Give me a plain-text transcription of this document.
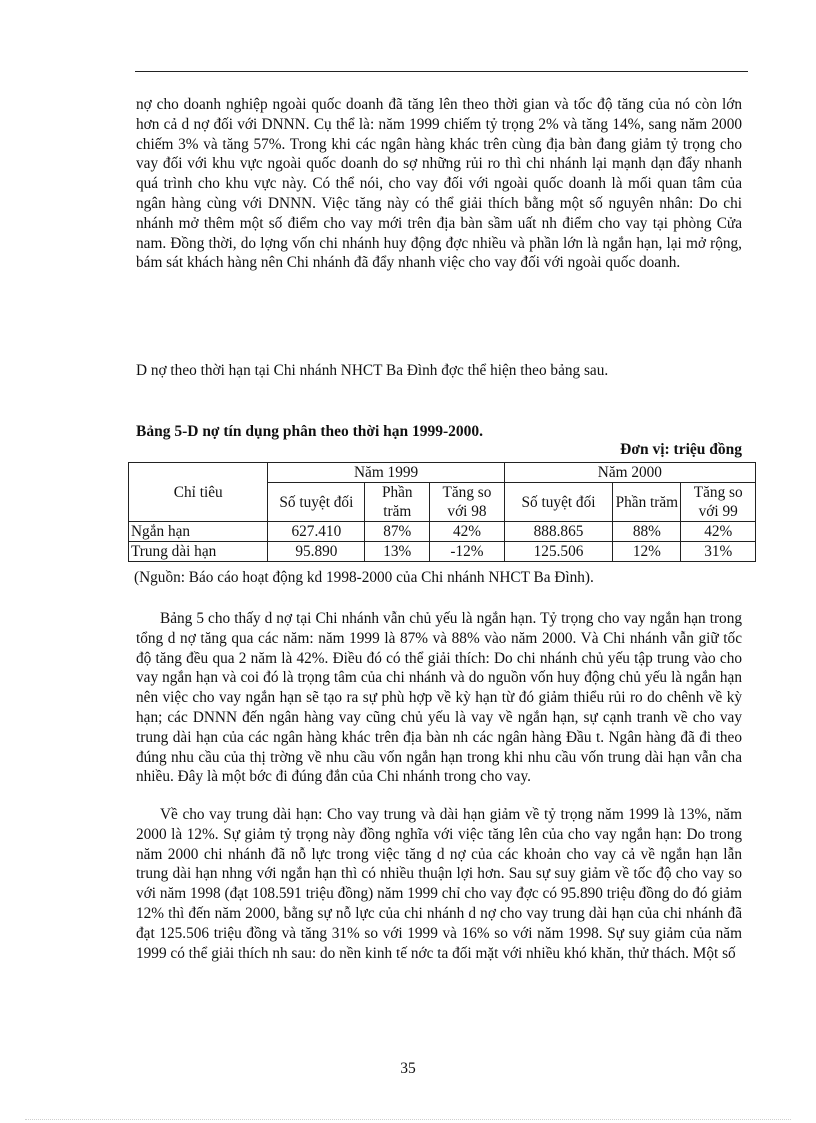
nợ cho doanh nghiệp ngoài quốc doanh đã tăng lên theo thời gian và tốc độ tăng của nó còn lớn hơn cả d nợ đối với DNNN. Cụ thể là: năm 1999 chiếm tỷ trọng 2% và tăng 14%, sang năm 2000 chiếm 3% và tăng 57%. Trong khi các ngân hàng khác trên cùng địa bàn đang giảm tỷ trọng cho vay đối với khu vực ngoài quốc doanh do sợ những rủi ro thì chi nhánh lại mạnh dạn đẩy nhanh quá trình cho khu vực này. Có thể nói, cho vay đối với ngoài quốc doanh là mối quan tâm của ngân hàng cùng với DNNN. Việc tăng này có thể giải thích bằng một số nguyên nhân: Do chi nhánh mở thêm một số điểm cho vay mới trên địa bàn sầm uất nh điểm cho vay tại phòng Cửa nam. Đồng thời, do lợng vốn chi nhánh huy động đợc nhiều và phần lớn là ngắn hạn, lại mở rộng, bám sát khách hàng nên Chi nhánh đã đẩy nhanh việc cho vay đối với ngoài quốc doanh.

D nợ theo thời hạn tại Chi nhánh NHCT Ba Đình đợc thể hiện theo bảng sau.

Bảng 5-D nợ tín dụng phân theo thời hạn 1999-2000.

Đơn vị: triệu đồng

Chỉ tiêu	Năm 1999			Năm 2000		
	Số tuyệt đối	Phần trăm	Tăng so với 98	Số tuyệt đối	Phần trăm	Tăng so với 99
Ngắn hạn	627.410	87%	42%	888.865	88%	42%
Trung dài hạn	95.890	13%	-12%	125.506	12%	31%

(Nguồn: Báo cáo hoạt động kd 1998-2000 của Chi nhánh NHCT Ba Đình).

Bảng 5 cho thấy d nợ tại Chi nhánh vẫn chủ yếu là ngắn hạn. Tỷ trọng cho vay ngắn hạn trong tổng d nợ tăng qua các năm: năm 1999 là 87% và 88% vào năm 2000. Và Chi nhánh vẫn giữ tốc độ tăng đều qua 2 năm là 42%. Điều đó có thể giải thích: Do chi nhánh chủ yếu tập trung vào cho vay ngắn hạn và coi đó là trọng tâm của chi nhánh và do nguồn vốn huy động chủ yếu là ngắn hạn nên việc cho vay ngắn hạn sẽ tạo ra sự phù hợp về kỳ hạn từ đó giảm thiểu rủi ro do chênh về kỳ hạn; các DNNN đến ngân hàng vay cũng chủ yếu là vay về ngắn hạn, sự cạnh tranh về cho vay trung dài hạn của các ngân hàng khác trên địa bàn nh các ngân hàng Đầu t. Ngân hàng đã đi theo đúng nhu cầu của thị trờng về nhu cầu vốn ngắn hạn trong khi nhu cầu vốn trung dài hạn vẫn cha nhiều. Đây là một bớc đi đúng đắn của Chi nhánh trong cho vay.

Về cho vay trung dài hạn: Cho vay trung và dài hạn giảm về tỷ trọng năm 1999 là 13%, năm 2000 là 12%. Sự giảm tỷ trọng này đồng nghĩa với việc tăng lên của cho vay ngắn hạn: Do trong năm 2000 chi nhánh đã nỗ lực trong việc tăng d nợ của các khoản cho vay cả về ngắn hạn lẫn trung dài hạn nhng với ngắn hạn thì có nhiều thuận lợi hơn. Sau sự suy giảm về tốc độ cho vay so với năm 1998 (đạt 108.591 triệu đồng) năm 1999 chỉ cho vay đợc có 95.890 triệu đồng do đó giảm 12% thì đến năm 2000, bằng sự nỗ lực của chi nhánh d nợ cho vay trung dài hạn của chi nhánh đã đạt 125.506 triệu đồng và tăng 31% so với 1999 và 16% so với năm 1998. Sự suy giảm của năm 1999 có thể giải thích nh sau: do nền kinh tế nớc ta đối mặt với nhiều khó khăn, thử thách. Một số

35
